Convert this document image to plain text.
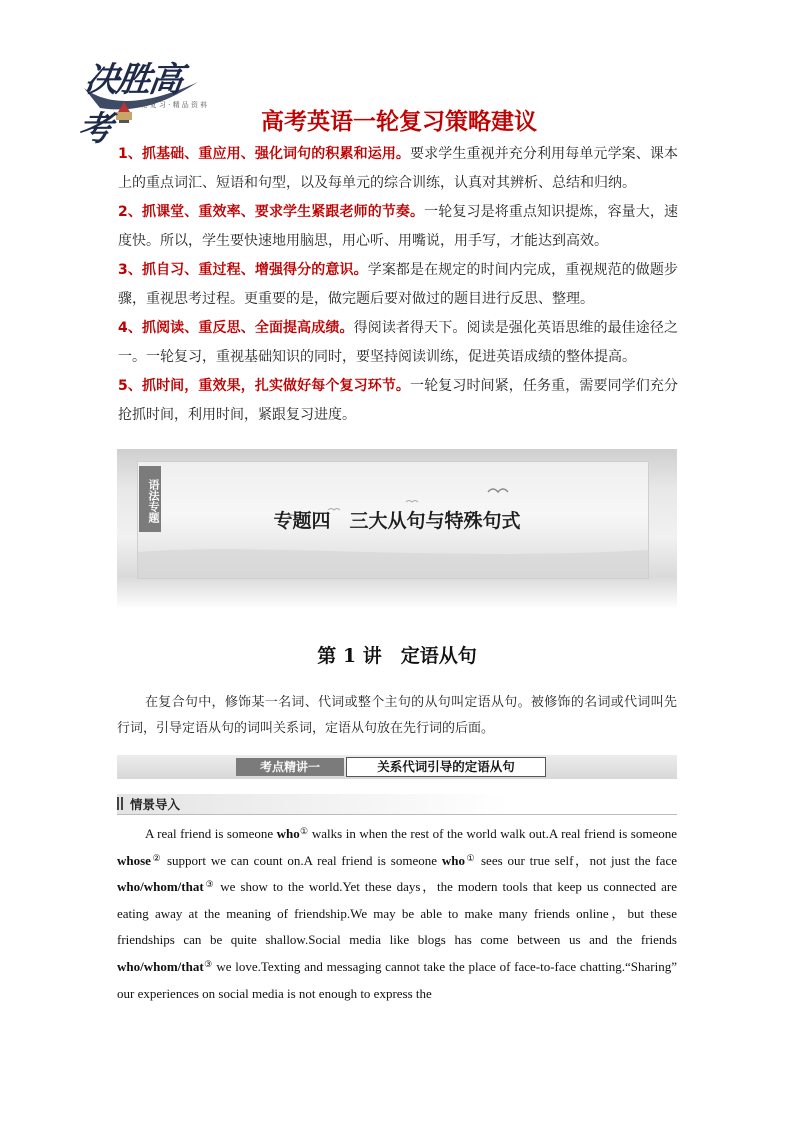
决胜高考
一 一 轮 复 习 · 精 品 资 料
高考英语一轮复习策略建议

1、抓基础、重应用、强化词句的积累和运用。要求学生重视并充分利用每单元学案、课本上的重点词汇、短语和句型，以及每单元的综合训练，认真对其辨析、总结和归纳。

2、抓课堂、重效率、要求学生紧跟老师的节奏。一轮复习是将重点知识提炼，容量大，速度快。所以，学生要快速地用脑思，用心听、用嘴说，用手写，才能达到高效。

3、抓自习、重过程、增强得分的意识。学案都是在规定的时间内完成，重视规范的做题步骤，重视思考过程。更重要的是，做完题后要对做过的题目进行反思、整理。

4、抓阅读、重反思、全面提高成绩。得阅读者得天下。阅读是强化英语思维的最佳途径之一。一轮复习，重视基础知识的同时，要坚持阅读训练，促进英语成绩的整体提高。

5、抓时间，重效果，扎实做好每个复习环节。一轮复习时间紧，任务重，需要同学们充分抢抓时间，利用时间，紧跟复习进度。

语法专题	专题四　三大从句与特殊句式
第 1 讲　定语从句
在复合句中，修饰某一名词、代词或整个主句的从句叫定语从句。被修饰的名词或代词叫先行词，引导定语从句的词叫关系词，定语从句放在先行词的后面。
考点精讲一	关系代词引导的定语从句
情景导入
A real friend is someone who① walks in when the rest of the world walk out.A real friend is someone whose② support we can count on.A real friend is someone who① sees our true self，not just the face who/whom/that③ we show to the world.Yet these days，the modern tools that keep us connected are eating away at the meaning of friendship.We may be able to make many friends online，but these friendships can be quite shallow.Social media like blogs has come between us and the friends who/whom/that③ we love.Texting and messaging cannot take the place of face-to-face chatting.“Sharing” our experiences on social media is not enough to express the
